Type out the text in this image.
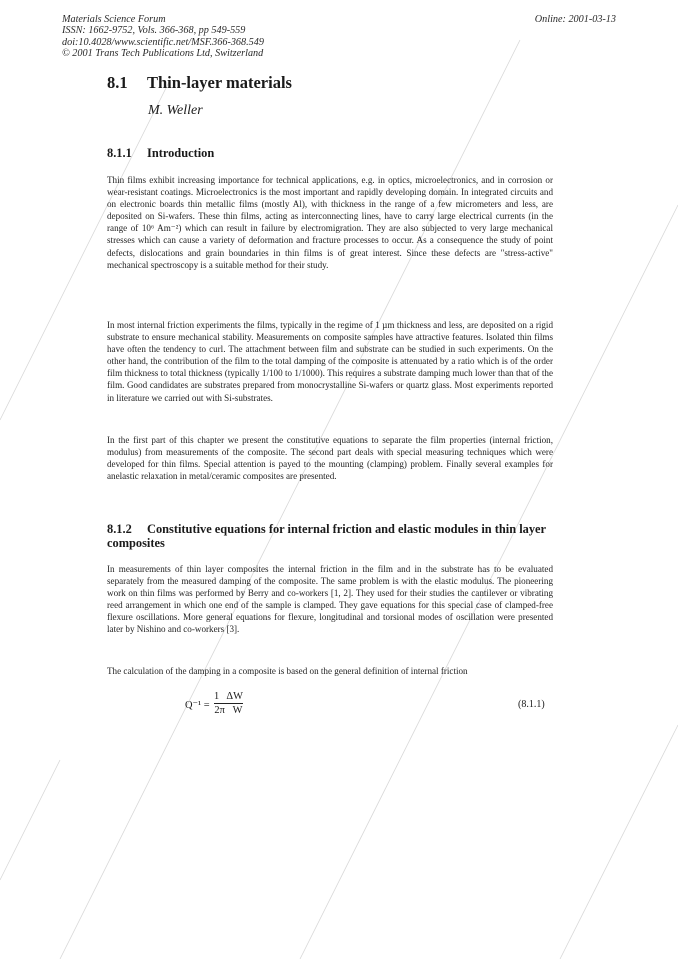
Materials Science Forum
ISSN: 1662-9752, Vols. 366-368, pp 549-559
doi:10.4028/www.scientific.net/MSF.366-368.549
© 2001 Trans Tech Publications Ltd, Switzerland
Online: 2001-03-13
8.1 Thin-layer materials
M. Weller
8.1.1 Introduction
Thin films exhibit increasing importance for technical applications, e.g. in optics, microelectronics, and in corrosion or wear-resistant coatings. Microelectronics is the most important and rapidly developing domain. In integrated circuits and on electronic boards thin metallic films (mostly Al), with thickness in the range of a few micrometers and less, are deposited on Si-wafers. These thin films, acting as interconnecting lines, have to carry large electrical currents (in the range of 10⁶ Am⁻²) which can result in failure by electromigration. They are also subjected to very large mechanical stresses which can cause a variety of deformation and fracture processes to occur. As a consequence the study of point defects, dislocations and grain boundaries in thin films is of great interest. Since these defects are "stress-active" mechanical spectroscopy is a suitable method for their study.
In most internal friction experiments the films, typically in the regime of 1 µm thickness and less, are deposited on a rigid substrate to ensure mechanical stability. Measurements on composite samples have attractive features. Isolated thin films have often the tendency to curl. The attachment between film and substrate can be studied in such experiments. On the other hand, the contribution of the film to the total damping of the composite is attenuated by a ratio which is of the order film thickness to total thickness (typically 1/100 to 1/1000). This requires a substrate damping much lower than that of the film. Good candidates are substrates prepared from monocrystalline Si-wafers or quartz glass. Most experiments reported in literature we carried out with Si-substrates.
In the first part of this chapter we present the constitutive equations to separate the film properties (internal friction, modulus) from measurements of the composite. The second part deals with special measuring techniques which were developed for thin films. Special attention is payed to the mounting (clamping) problem. Finally several examples for anelastic relaxation in metal/ceramic composites are presented.
8.1.2 Constitutive equations for internal friction and elastic modules in thin layer composites
In measurements of thin layer composites the internal friction in the film and in the substrate has to be evaluated separately from the measured damping of the composite. The same problem is with the elastic modulus. The pioneering work on thin films was performed by Berry and co-workers [1, 2]. They used for their studies the cantilever or vibrating reed arrangement in which one end of the sample is clamped. They gave equations for this special case of clamped-free flexure oscillations. More general equations for flexure, longitudinal and torsional modes of oscillation were presented later by Nishino and co-workers [3].
The calculation of the damping in a composite is based on the general definition of internal friction
Q⁻¹ =
1   ΔW
2π   W
(8.1.1)
